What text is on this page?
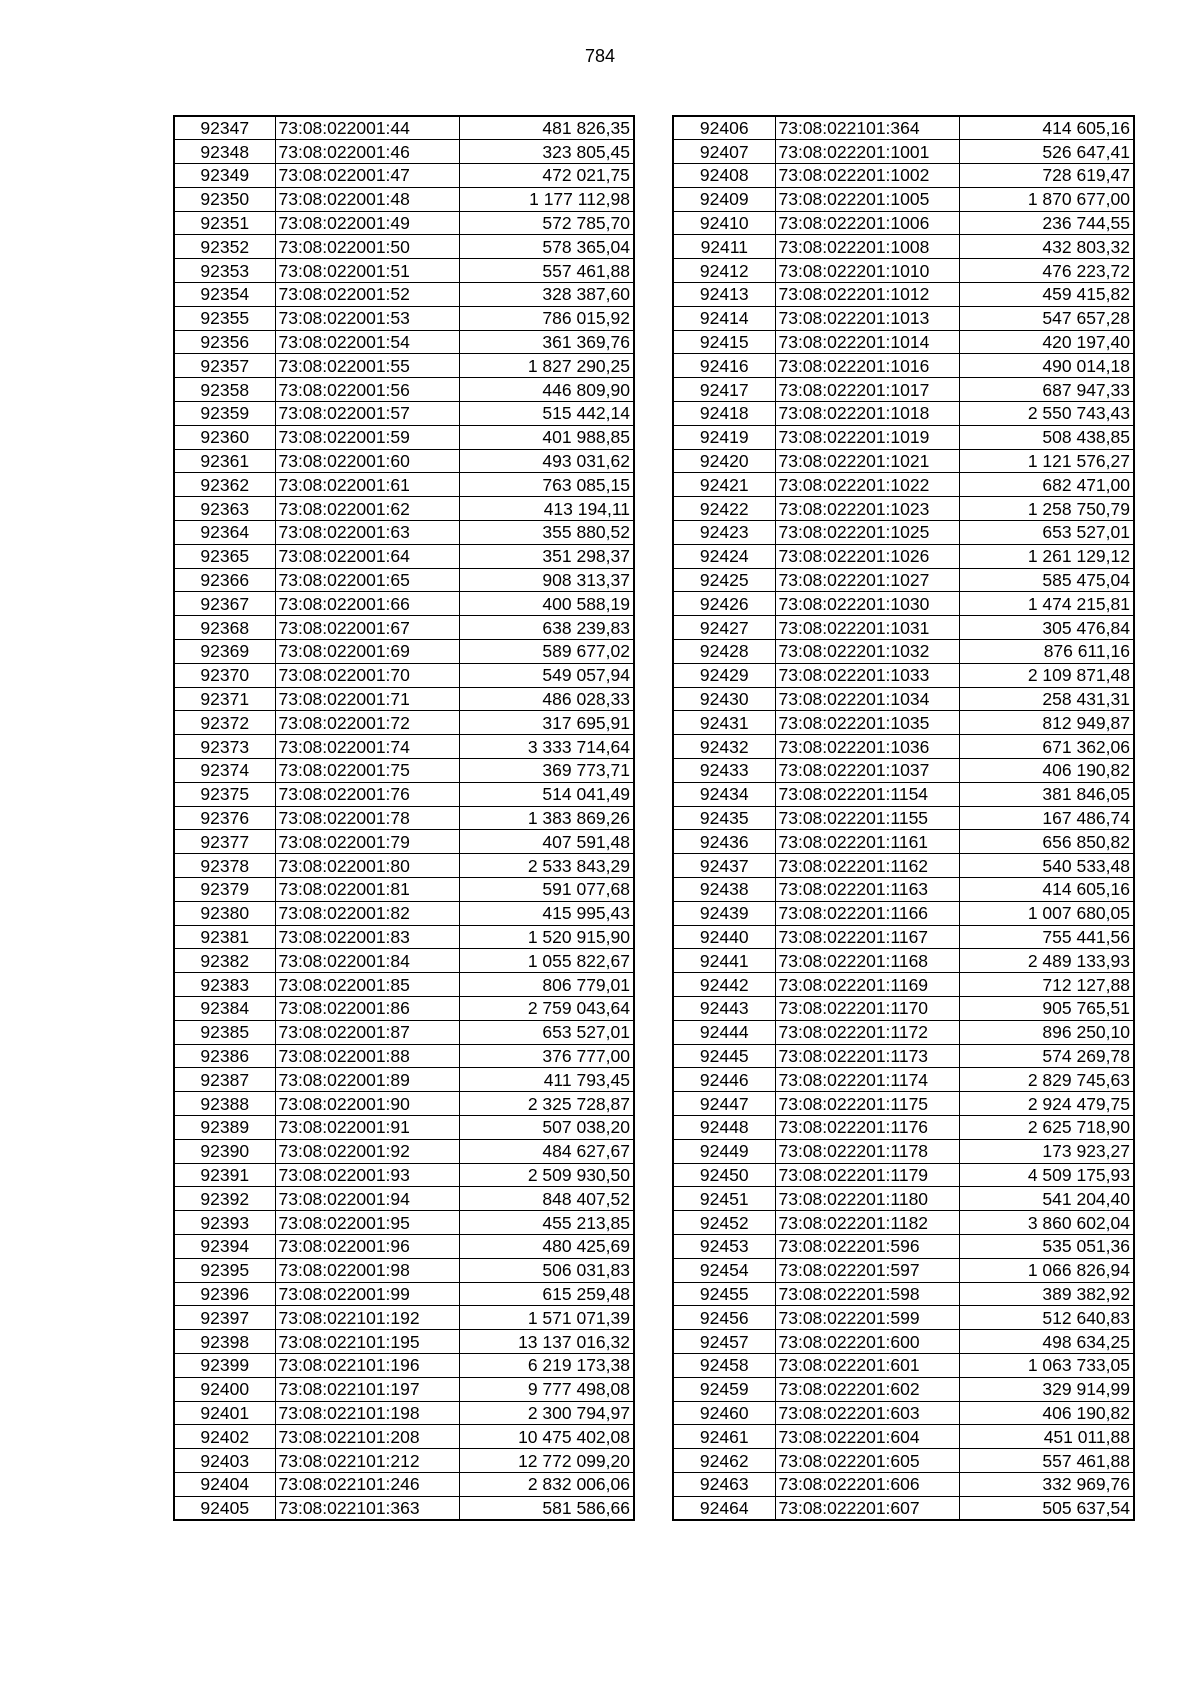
784
92347	73:08:022001:44	481 826,35
92348	73:08:022001:46	323 805,45
92349	73:08:022001:47	472 021,75
92350	73:08:022001:48	1 177 112,98
92351	73:08:022001:49	572 785,70
92352	73:08:022001:50	578 365,04
92353	73:08:022001:51	557 461,88
92354	73:08:022001:52	328 387,60
92355	73:08:022001:53	786 015,92
92356	73:08:022001:54	361 369,76
92357	73:08:022001:55	1 827 290,25
92358	73:08:022001:56	446 809,90
92359	73:08:022001:57	515 442,14
92360	73:08:022001:59	401 988,85
92361	73:08:022001:60	493 031,62
92362	73:08:022001:61	763 085,15
92363	73:08:022001:62	413 194,11
92364	73:08:022001:63	355 880,52
92365	73:08:022001:64	351 298,37
92366	73:08:022001:65	908 313,37
92367	73:08:022001:66	400 588,19
92368	73:08:022001:67	638 239,83
92369	73:08:022001:69	589 677,02
92370	73:08:022001:70	549 057,94
92371	73:08:022001:71	486 028,33
92372	73:08:022001:72	317 695,91
92373	73:08:022001:74	3 333 714,64
92374	73:08:022001:75	369 773,71
92375	73:08:022001:76	514 041,49
92376	73:08:022001:78	1 383 869,26
92377	73:08:022001:79	407 591,48
92378	73:08:022001:80	2 533 843,29
92379	73:08:022001:81	591 077,68
92380	73:08:022001:82	415 995,43
92381	73:08:022001:83	1 520 915,90
92382	73:08:022001:84	1 055 822,67
92383	73:08:022001:85	806 779,01
92384	73:08:022001:86	2 759 043,64
92385	73:08:022001:87	653 527,01
92386	73:08:022001:88	376 777,00
92387	73:08:022001:89	411 793,45
92388	73:08:022001:90	2 325 728,87
92389	73:08:022001:91	507 038,20
92390	73:08:022001:92	484 627,67
92391	73:08:022001:93	2 509 930,50
92392	73:08:022001:94	848 407,52
92393	73:08:022001:95	455 213,85
92394	73:08:022001:96	480 425,69
92395	73:08:022001:98	506 031,83
92396	73:08:022001:99	615 259,48
92397	73:08:022101:192	1 571 071,39
92398	73:08:022101:195	13 137 016,32
92399	73:08:022101:196	6 219 173,38
92400	73:08:022101:197	9 777 498,08
92401	73:08:022101:198	2 300 794,97
92402	73:08:022101:208	10 475 402,08
92403	73:08:022101:212	12 772 099,20
92404	73:08:022101:246	2 832 006,06
92405	73:08:022101:363	581 586,66
92406	73:08:022101:364	414 605,16
92407	73:08:022201:1001	526 647,41
92408	73:08:022201:1002	728 619,47
92409	73:08:022201:1005	1 870 677,00
92410	73:08:022201:1006	236 744,55
92411	73:08:022201:1008	432 803,32
92412	73:08:022201:1010	476 223,72
92413	73:08:022201:1012	459 415,82
92414	73:08:022201:1013	547 657,28
92415	73:08:022201:1014	420 197,40
92416	73:08:022201:1016	490 014,18
92417	73:08:022201:1017	687 947,33
92418	73:08:022201:1018	2 550 743,43
92419	73:08:022201:1019	508 438,85
92420	73:08:022201:1021	1 121 576,27
92421	73:08:022201:1022	682 471,00
92422	73:08:022201:1023	1 258 750,79
92423	73:08:022201:1025	653 527,01
92424	73:08:022201:1026	1 261 129,12
92425	73:08:022201:1027	585 475,04
92426	73:08:022201:1030	1 474 215,81
92427	73:08:022201:1031	305 476,84
92428	73:08:022201:1032	876 611,16
92429	73:08:022201:1033	2 109 871,48
92430	73:08:022201:1034	258 431,31
92431	73:08:022201:1035	812 949,87
92432	73:08:022201:1036	671 362,06
92433	73:08:022201:1037	406 190,82
92434	73:08:022201:1154	381 846,05
92435	73:08:022201:1155	167 486,74
92436	73:08:022201:1161	656 850,82
92437	73:08:022201:1162	540 533,48
92438	73:08:022201:1163	414 605,16
92439	73:08:022201:1166	1 007 680,05
92440	73:08:022201:1167	755 441,56
92441	73:08:022201:1168	2 489 133,93
92442	73:08:022201:1169	712 127,88
92443	73:08:022201:1170	905 765,51
92444	73:08:022201:1172	896 250,10
92445	73:08:022201:1173	574 269,78
92446	73:08:022201:1174	2 829 745,63
92447	73:08:022201:1175	2 924 479,75
92448	73:08:022201:1176	2 625 718,90
92449	73:08:022201:1178	173 923,27
92450	73:08:022201:1179	4 509 175,93
92451	73:08:022201:1180	541 204,40
92452	73:08:022201:1182	3 860 602,04
92453	73:08:022201:596	535 051,36
92454	73:08:022201:597	1 066 826,94
92455	73:08:022201:598	389 382,92
92456	73:08:022201:599	512 640,83
92457	73:08:022201:600	498 634,25
92458	73:08:022201:601	1 063 733,05
92459	73:08:022201:602	329 914,99
92460	73:08:022201:603	406 190,82
92461	73:08:022201:604	451 011,88
92462	73:08:022201:605	557 461,88
92463	73:08:022201:606	332 969,76
92464	73:08:022201:607	505 637,54
